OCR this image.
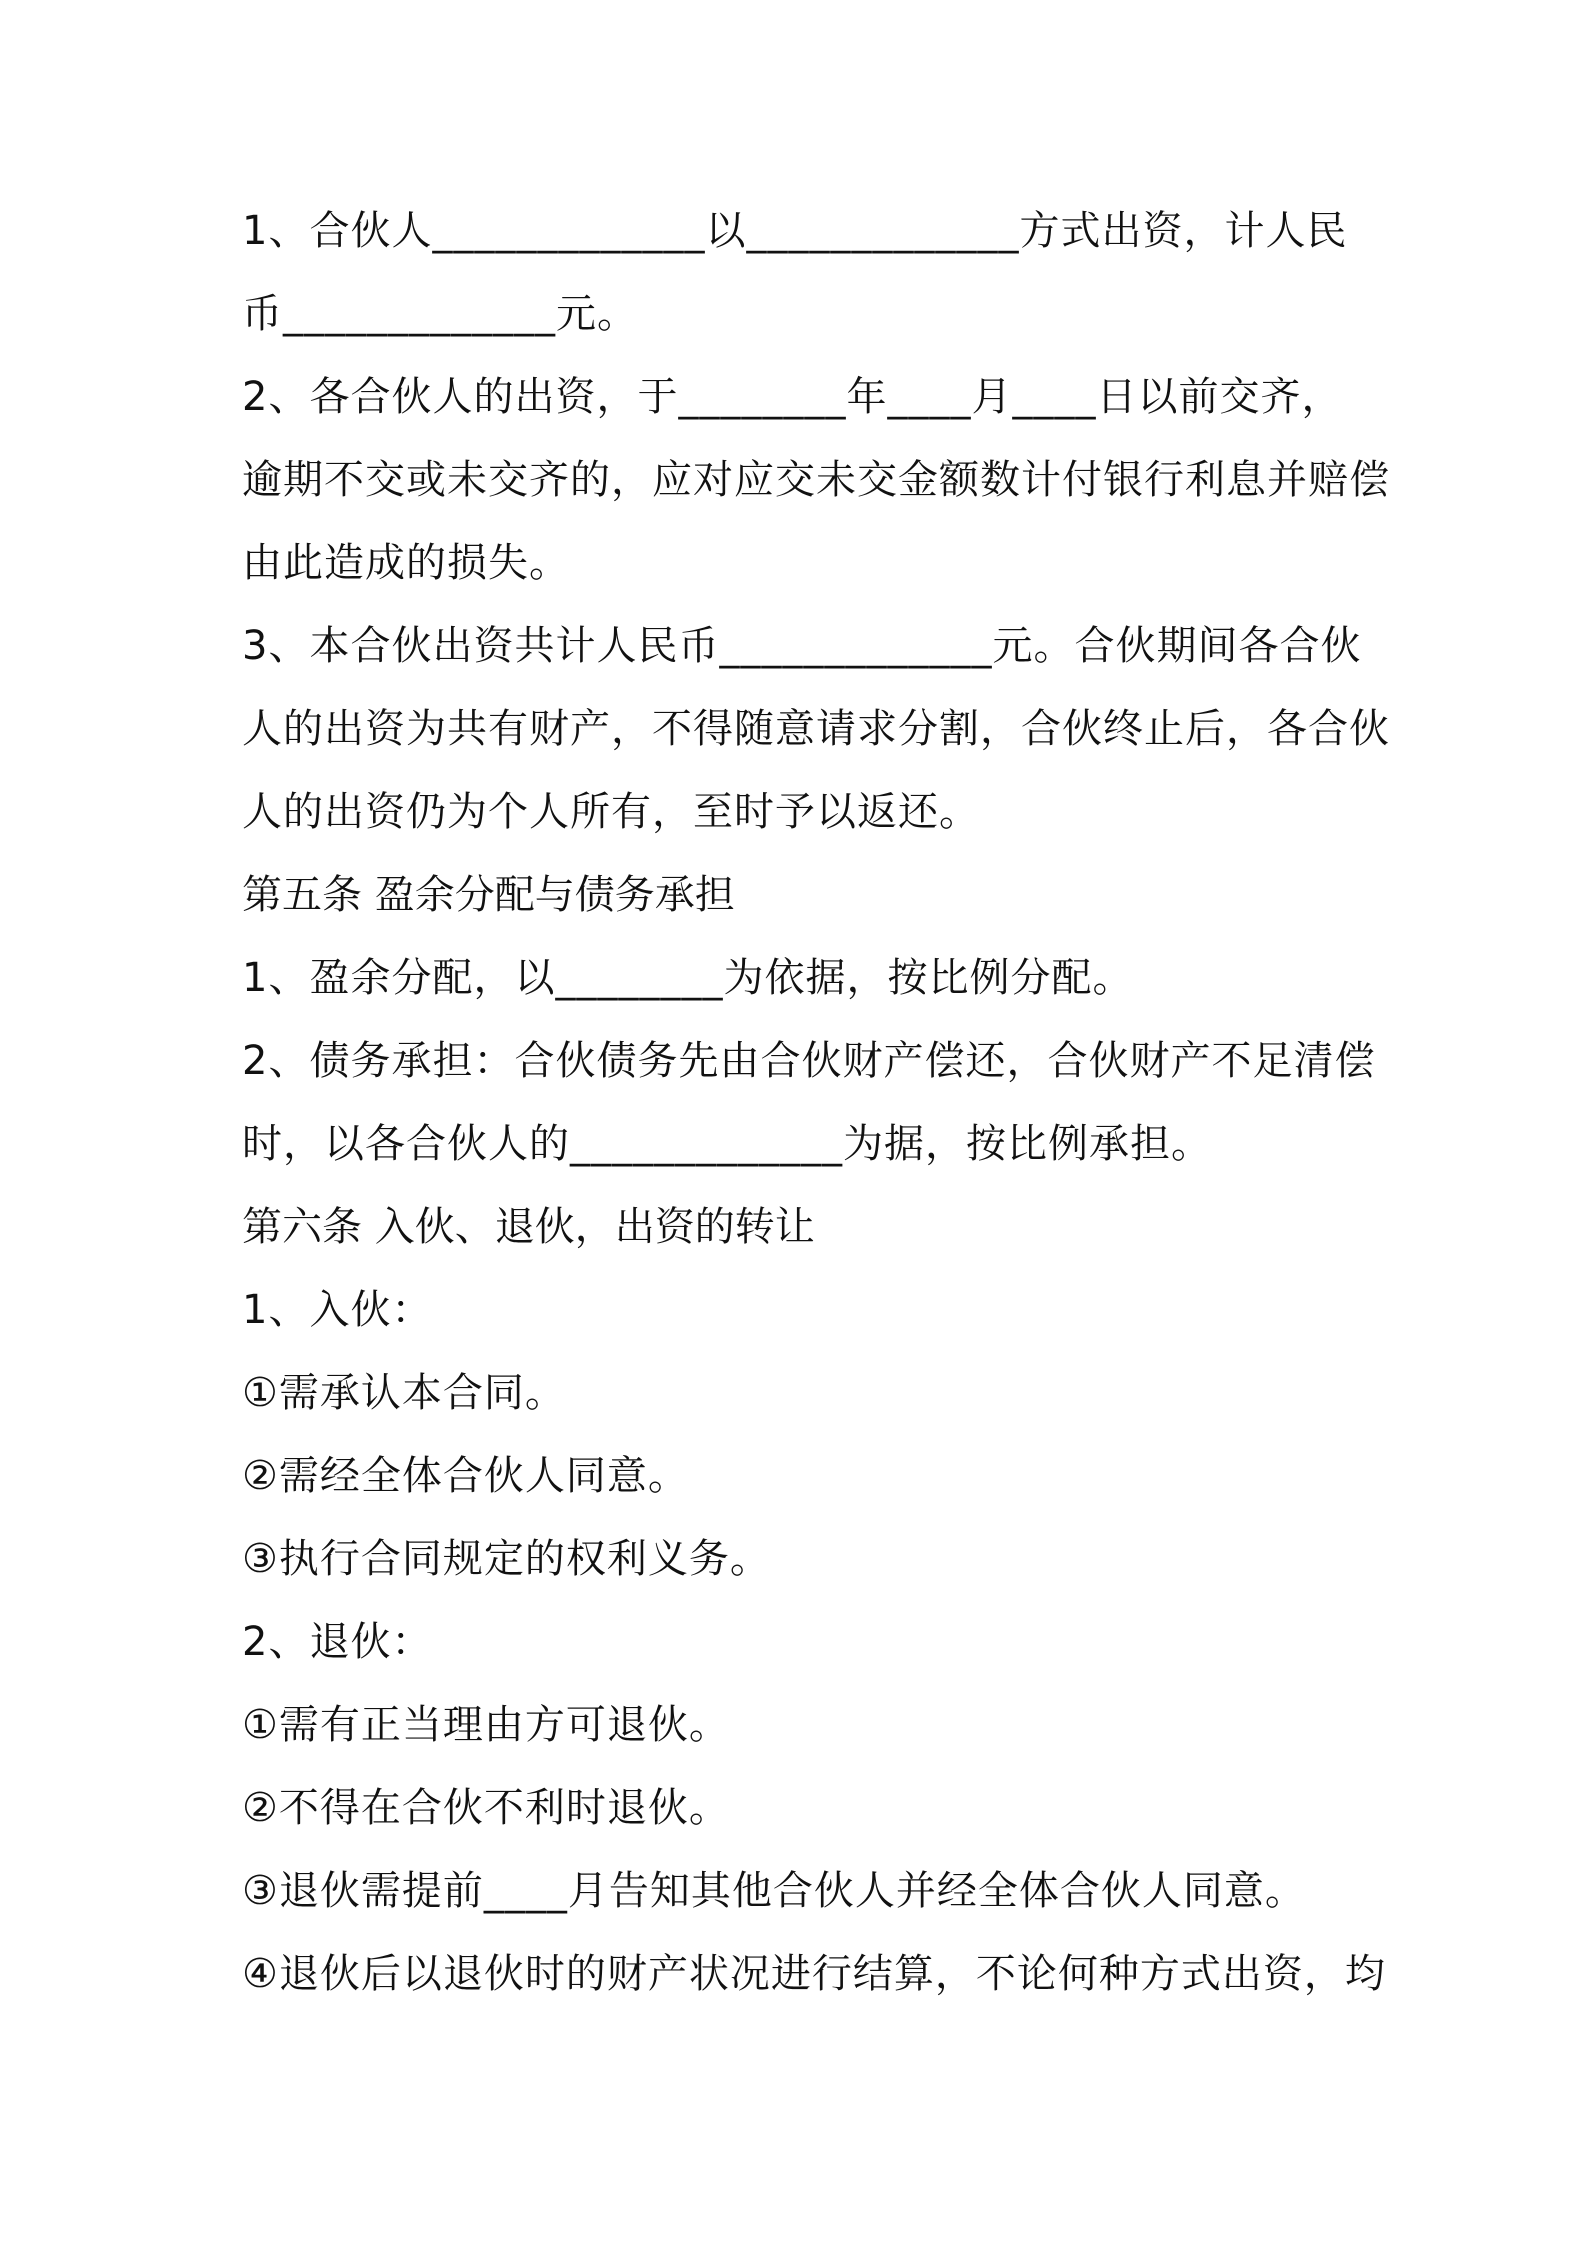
1、合伙人_____________以_____________方式出资，计人民
币_____________元。
2、各合伙人的出资，于________年____月____日以前交齐，
逾期不交或未交齐的，应对应交未交金额数计付银行利息并赔偿
由此造成的损失。
3、本合伙出资共计人民币_____________元。合伙期间各合伙
人的出资为共有财产，不得随意请求分割，合伙终止后，各合伙
人的出资仍为个人所有，至时予以返还。
第五条 盈余分配与债务承担
1、盈余分配，以________为依据，按比例分配。
2、债务承担：合伙债务先由合伙财产偿还，合伙财产不足清偿
时，以各合伙人的_____________为据，按比例承担。
第六条 入伙、退伙，出资的转让
1、入伙：
①需承认本合同。
②需经全体合伙人同意。
③执行合同规定的权利义务。
2、退伙：
①需有正当理由方可退伙。
②不得在合伙不利时退伙。
③退伙需提前____月告知其他合伙人并经全体合伙人同意。
④退伙后以退伙时的财产状况进行结算，不论何种方式出资，均
